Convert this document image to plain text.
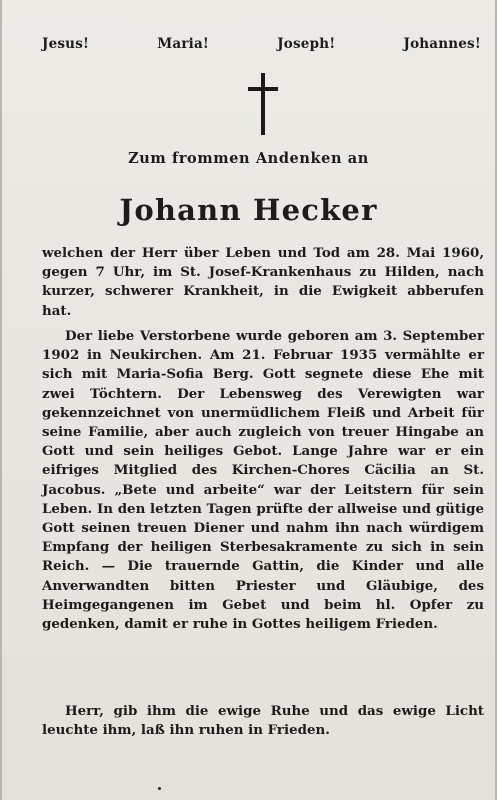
Jesus!	Maria!	Joseph!	Johannes!
Zum frommen Andenken an
Johann Hecker

welchen der Herr über Leben und Tod am 28. Mai 1960, gegen 7 Uhr, im St. Josef-Krankenhaus zu Hilden, nach kurzer, schwerer Krankheit, in die Ewigkeit abberufen hat.

Der liebe Verstorbene wurde geboren am 3. September 1902 in Neukirchen. Am 21. Februar 1935 vermählte er sich mit Maria-Sofia Berg. Gott segnete diese Ehe mit zwei Töchtern. Der Lebensweg des Verewigten war gekennzeichnet von unermüdlichem Fleiß und Arbeit für seine Familie, aber auch zugleich von treuer Hingabe an Gott und sein heiliges Gebot. Lange Jahre war er ein eifriges Mitglied des Kirchen-Chores Cäcilia an St. Jacobus. „Bete und arbeite“ war der Leitstern für sein Leben. In den letzten Tagen prüfte der allweise und gütige Gott seinen treuen Diener und nahm ihn nach würdigem Empfang der heiligen Sterbesakramente zu sich in sein Reich. — Die trauernde Gattin, die Kinder und alle Anverwandten bitten Priester und Gläubige, des Heimgegangenen im Gebet und beim hl. Opfer zu gedenken, damit er ruhe in Gottes heiligem Frieden.

Herr, gib ihm die ewige Ruhe und das ewige Licht leuchte ihm, laß ihn ruhen in Frieden.
